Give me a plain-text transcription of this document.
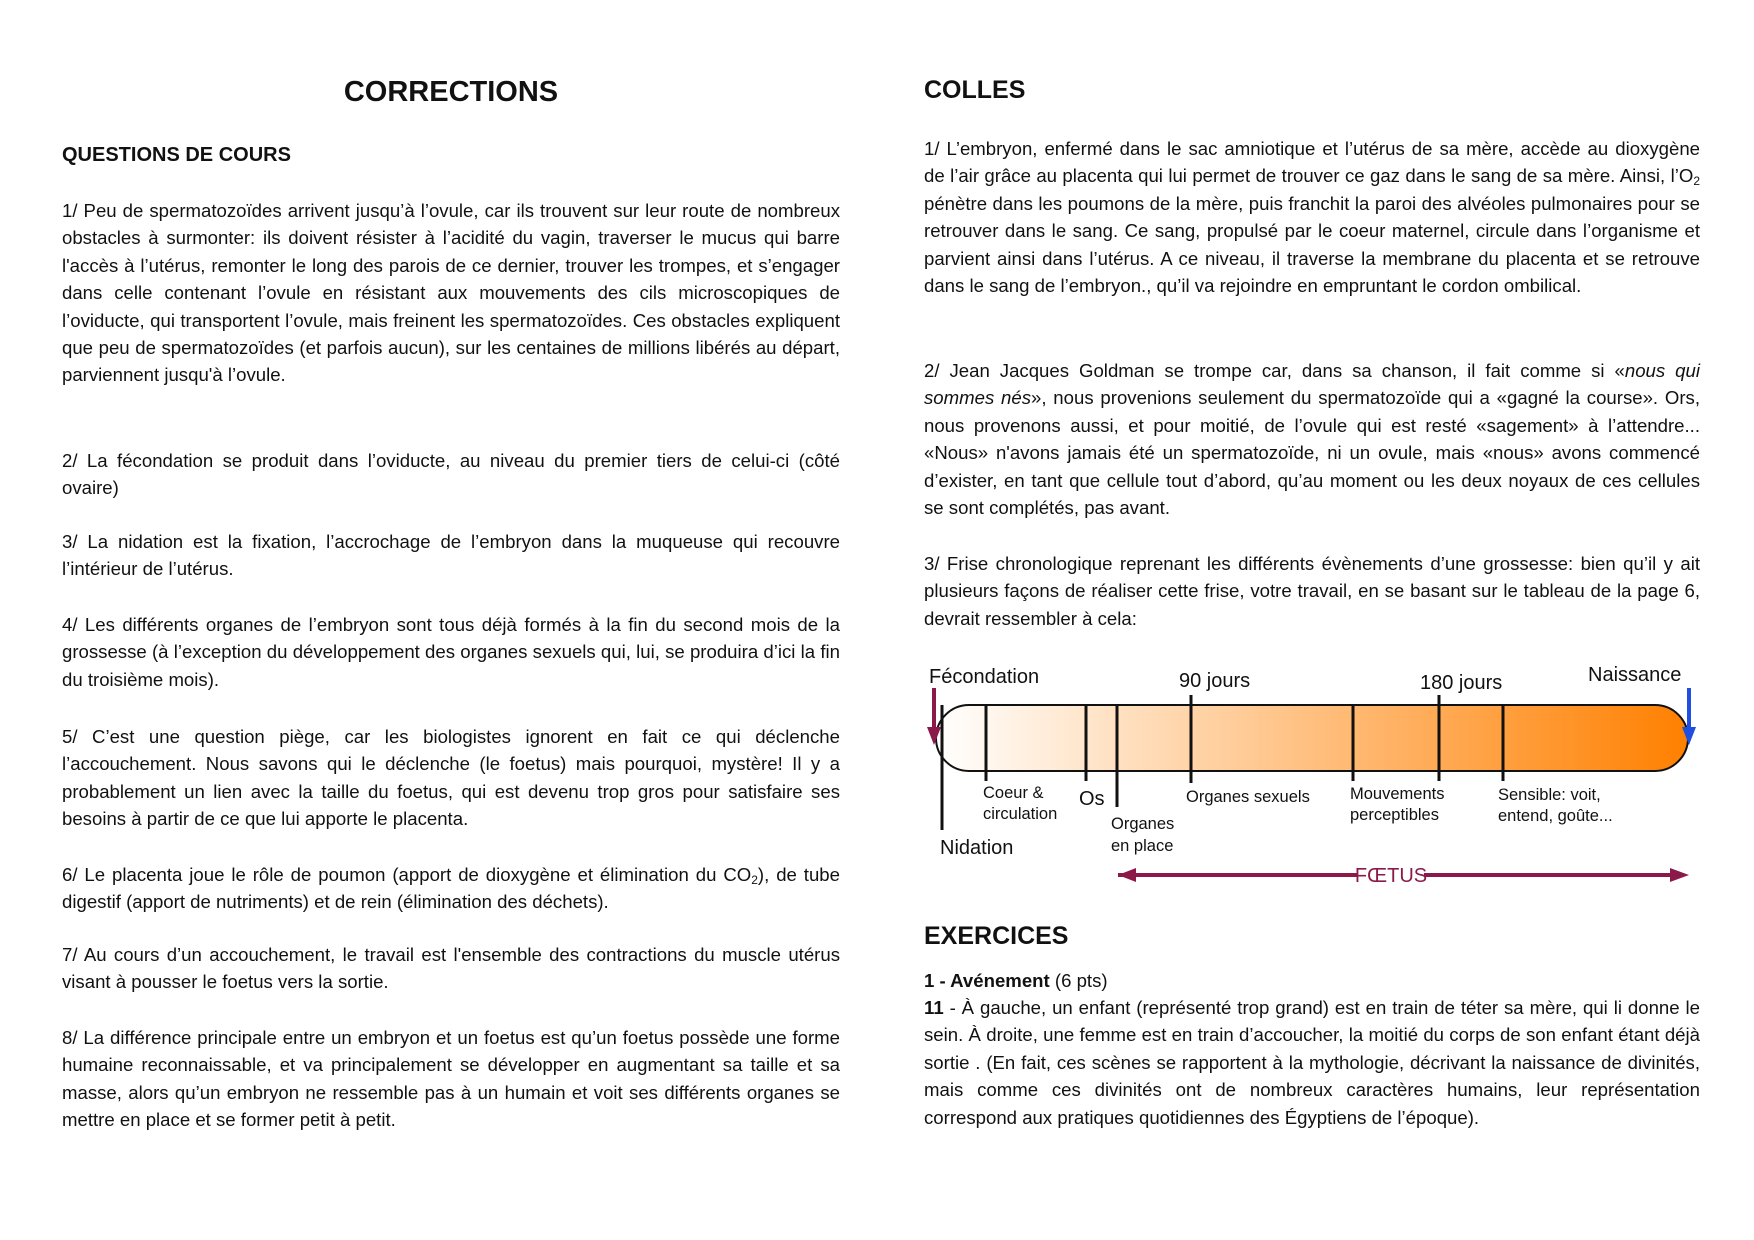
CORRECTIONS
QUESTIONS DE COURS

1/ Peu de spermatozoïdes arrivent jusqu’à l’ovule, car ils trouvent sur leur route de nombreux obstacles à surmonter: ils doivent résister à l’acidité du vagin, traverser le mucus qui barre l'accès à l’utérus, remonter le long des parois de ce dernier, trouver les trompes, et s’engager dans celle contenant l’ovule en résistant aux mouvements des cils microscopiques de l’oviducte, qui transportent l’ovule, mais freinent les spermatozoïdes. Ces obstacles expliquent que peu de spermatozoïdes (et parfois aucun), sur les centaines de millions libérés au départ, parviennent jusqu'à l’ovule.

2/ La fécondation se produit dans l’oviducte, au niveau du premier tiers de celui-ci (côté ovaire)

3/ La nidation est la fixation, l’accrochage de l’embryon dans la muqueuse qui recouvre l’intérieur de l’utérus.

4/ Les différents organes de l’embryon sont tous déjà formés à la fin du second mois de la grossesse (à l’exception du développement des organes sexuels qui, lui, se produira d’ici la fin du troisième mois).

5/ C’est une question piège, car les biologistes ignorent en fait ce qui déclenche l’accouchement. Nous savons qui le déclenche (le foetus) mais pourquoi, mystère! Il y a probablement un lien avec la taille du foetus, qui est devenu trop gros pour satisfaire ses besoins à partir de ce que lui apporte le placenta.

6/ Le placenta joue le rôle de poumon (apport de dioxygène et élimination du $CO_2$), de tube digestif (apport de nutriments) et de rein (élimination des déchets).

7/ Au cours d’un accouchement, le travail est l'ensemble des contractions du muscle utérus visant à pousser le foetus vers la sortie.

8/ La différence principale entre un embryon et un foetus est qu’un foetus possède une forme humaine reconnaissable, et va principalement se développer en augmentant sa taille et sa masse, alors qu’un embryon ne ressemble pas à un humain et voit ses différents organes se mettre en place et se former petit à petit.

COLLES

1/ L’embryon, enfermé dans le sac amniotique et l’utérus de sa mère, accède au dioxygène de l’air grâce au placenta qui lui permet de trouver ce gaz dans le sang de sa mère. Ainsi, $l’O_2$ pénètre dans les poumons de la mère, puis franchit la paroi des alvéoles pulmonaires pour se retrouver dans le sang. Ce sang, propulsé par le coeur maternel, circule dans l’organisme et parvient ainsi dans l’utérus. A ce niveau, il traverse la membrane du placenta et se retrouve dans le sang de l’embryon., qu’il va rejoindre en empruntant le cordon ombilical.

2/ Jean Jacques Goldman se trompe car, dans sa chanson, il fait comme si «nous qui sommes nés», nous provenions seulement du spermatozoïde qui a «gagné la course». Ors, nous provenons aussi, et pour moitié, de l’ovule qui est resté «sagement» à l’attendre... «Nous» n'avons jamais été un spermatozoïde, ni un ovule, mais «nous» avons commencé d’exister, en tant que cellule tout d’abord, qu’au moment ou les deux noyaux de ces cellules se sont complétés, pas avant.

3/ Frise chronologique reprenant les différents évènements d’une grossesse: bien qu’il y ait plusieurs façons de réaliser cette frise, votre travail, en se basant sur le tableau de la page 6, devrait ressembler à cela:

EXERCICES

1 - Avénement (6 pts)

11 - À gauche, un enfant (représenté trop grand) est en train de téter sa mère, qui li donne le sein. À droite, une femme est en train d’accoucher, la moitié du corps de son enfant étant déjà sortie . (En fait, ces scènes se rapportent à la mythologie, décrivant la naissance de divinités, mais comme ces divinités ont de nombreux caractères humains, leur représentation correspond aux pratiques quotidiennes des Égyptiens de l’époque).

Fécondation	90 jours	180 jours	Naissance
Coeur &
circulation
Os	Organes sexuels Mouvements
perceptibles
Sensible: voit,
entend, goûte...
Organes
en place
Nidation
FŒTUS
